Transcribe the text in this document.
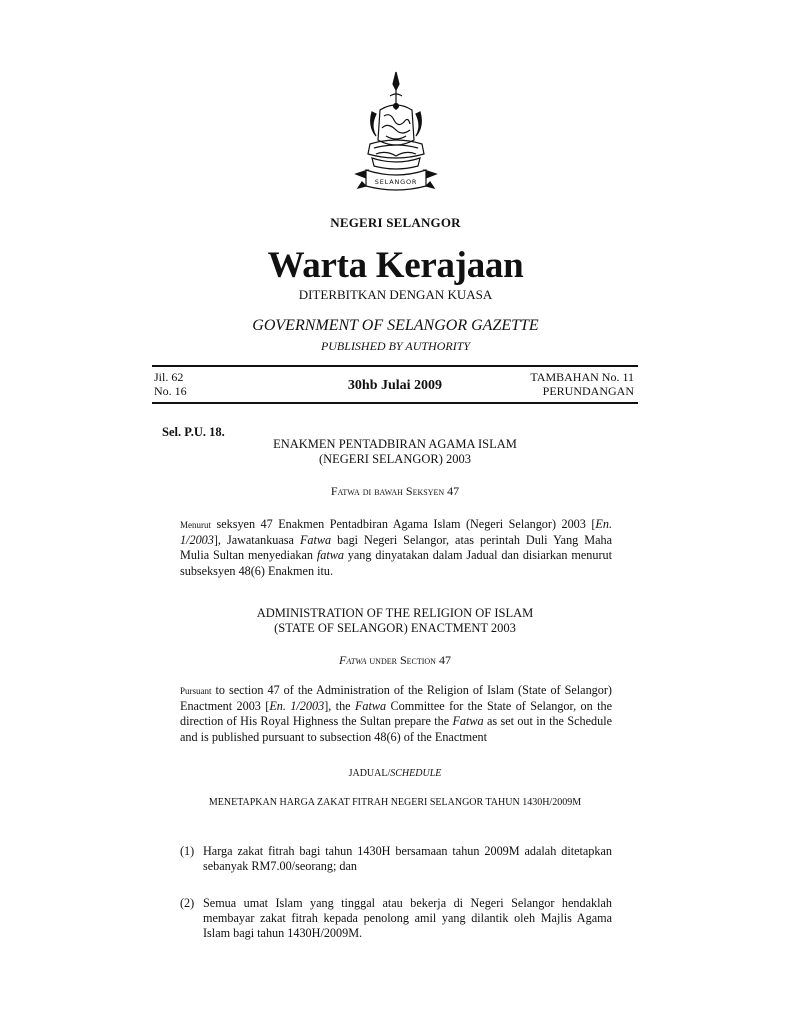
SELANGOR
NEGERI SELANGOR
Warta Kerajaan
DITERBITKAN DENGAN KUASA
GOVERNMENT OF SELANGOR GAZETTE
PUBLISHED BY AUTHORITY
Jil. 62
No. 16	30hb Julai 2009
TAMBAHAN No. 11
PERUNDANGAN
Sel. P.U. 18.
ENAKMEN PENTADBIRAN AGAMA ISLAM
(NEGERI SELANGOR) 2003
Fatwa di bawah Seksyen 47
Menurut seksyen 47 Enakmen Pentadbiran Agama Islam (Negeri Selangor) 2003 [En. 1/2003], Jawatankuasa Fatwa bagi Negeri Selangor, atas perintah Duli Yang Maha Mulia Sultan menyediakan fatwa yang dinyatakan dalam Jadual dan disiarkan menurut subseksyen 48(6) Enakmen itu.
ADMINISTRATION OF THE RELIGION OF ISLAM
(STATE OF SELANGOR) ENACTMENT 2003
Fatwa under Section 47
Pursuant to section 47 of the Administration of the Religion of Islam (State of Selangor) Enactment 2003 [En. 1/2003], the Fatwa Committee for the State of Selangor, on the direction of His Royal Highness the Sultan prepare the Fatwa as set out in the Schedule and is published pursuant to subsection 48(6) of the Enactment
JADUAL/SCHEDULE
MENETAPKAN HARGA ZAKAT FITRAH NEGERI SELANGOR TAHUN 1430H/2009M
(1) Harga zakat fitrah bagi tahun 1430H bersamaan tahun 2009M adalah ditetapkan sebanyak RM7.00/seorang; dan
(2) Semua umat Islam yang tinggal atau bekerja di Negeri Selangor hendaklah membayar zakat fitrah kepada penolong amil yang dilantik oleh Majlis Agama Islam bagi tahun 1430H/2009M.
